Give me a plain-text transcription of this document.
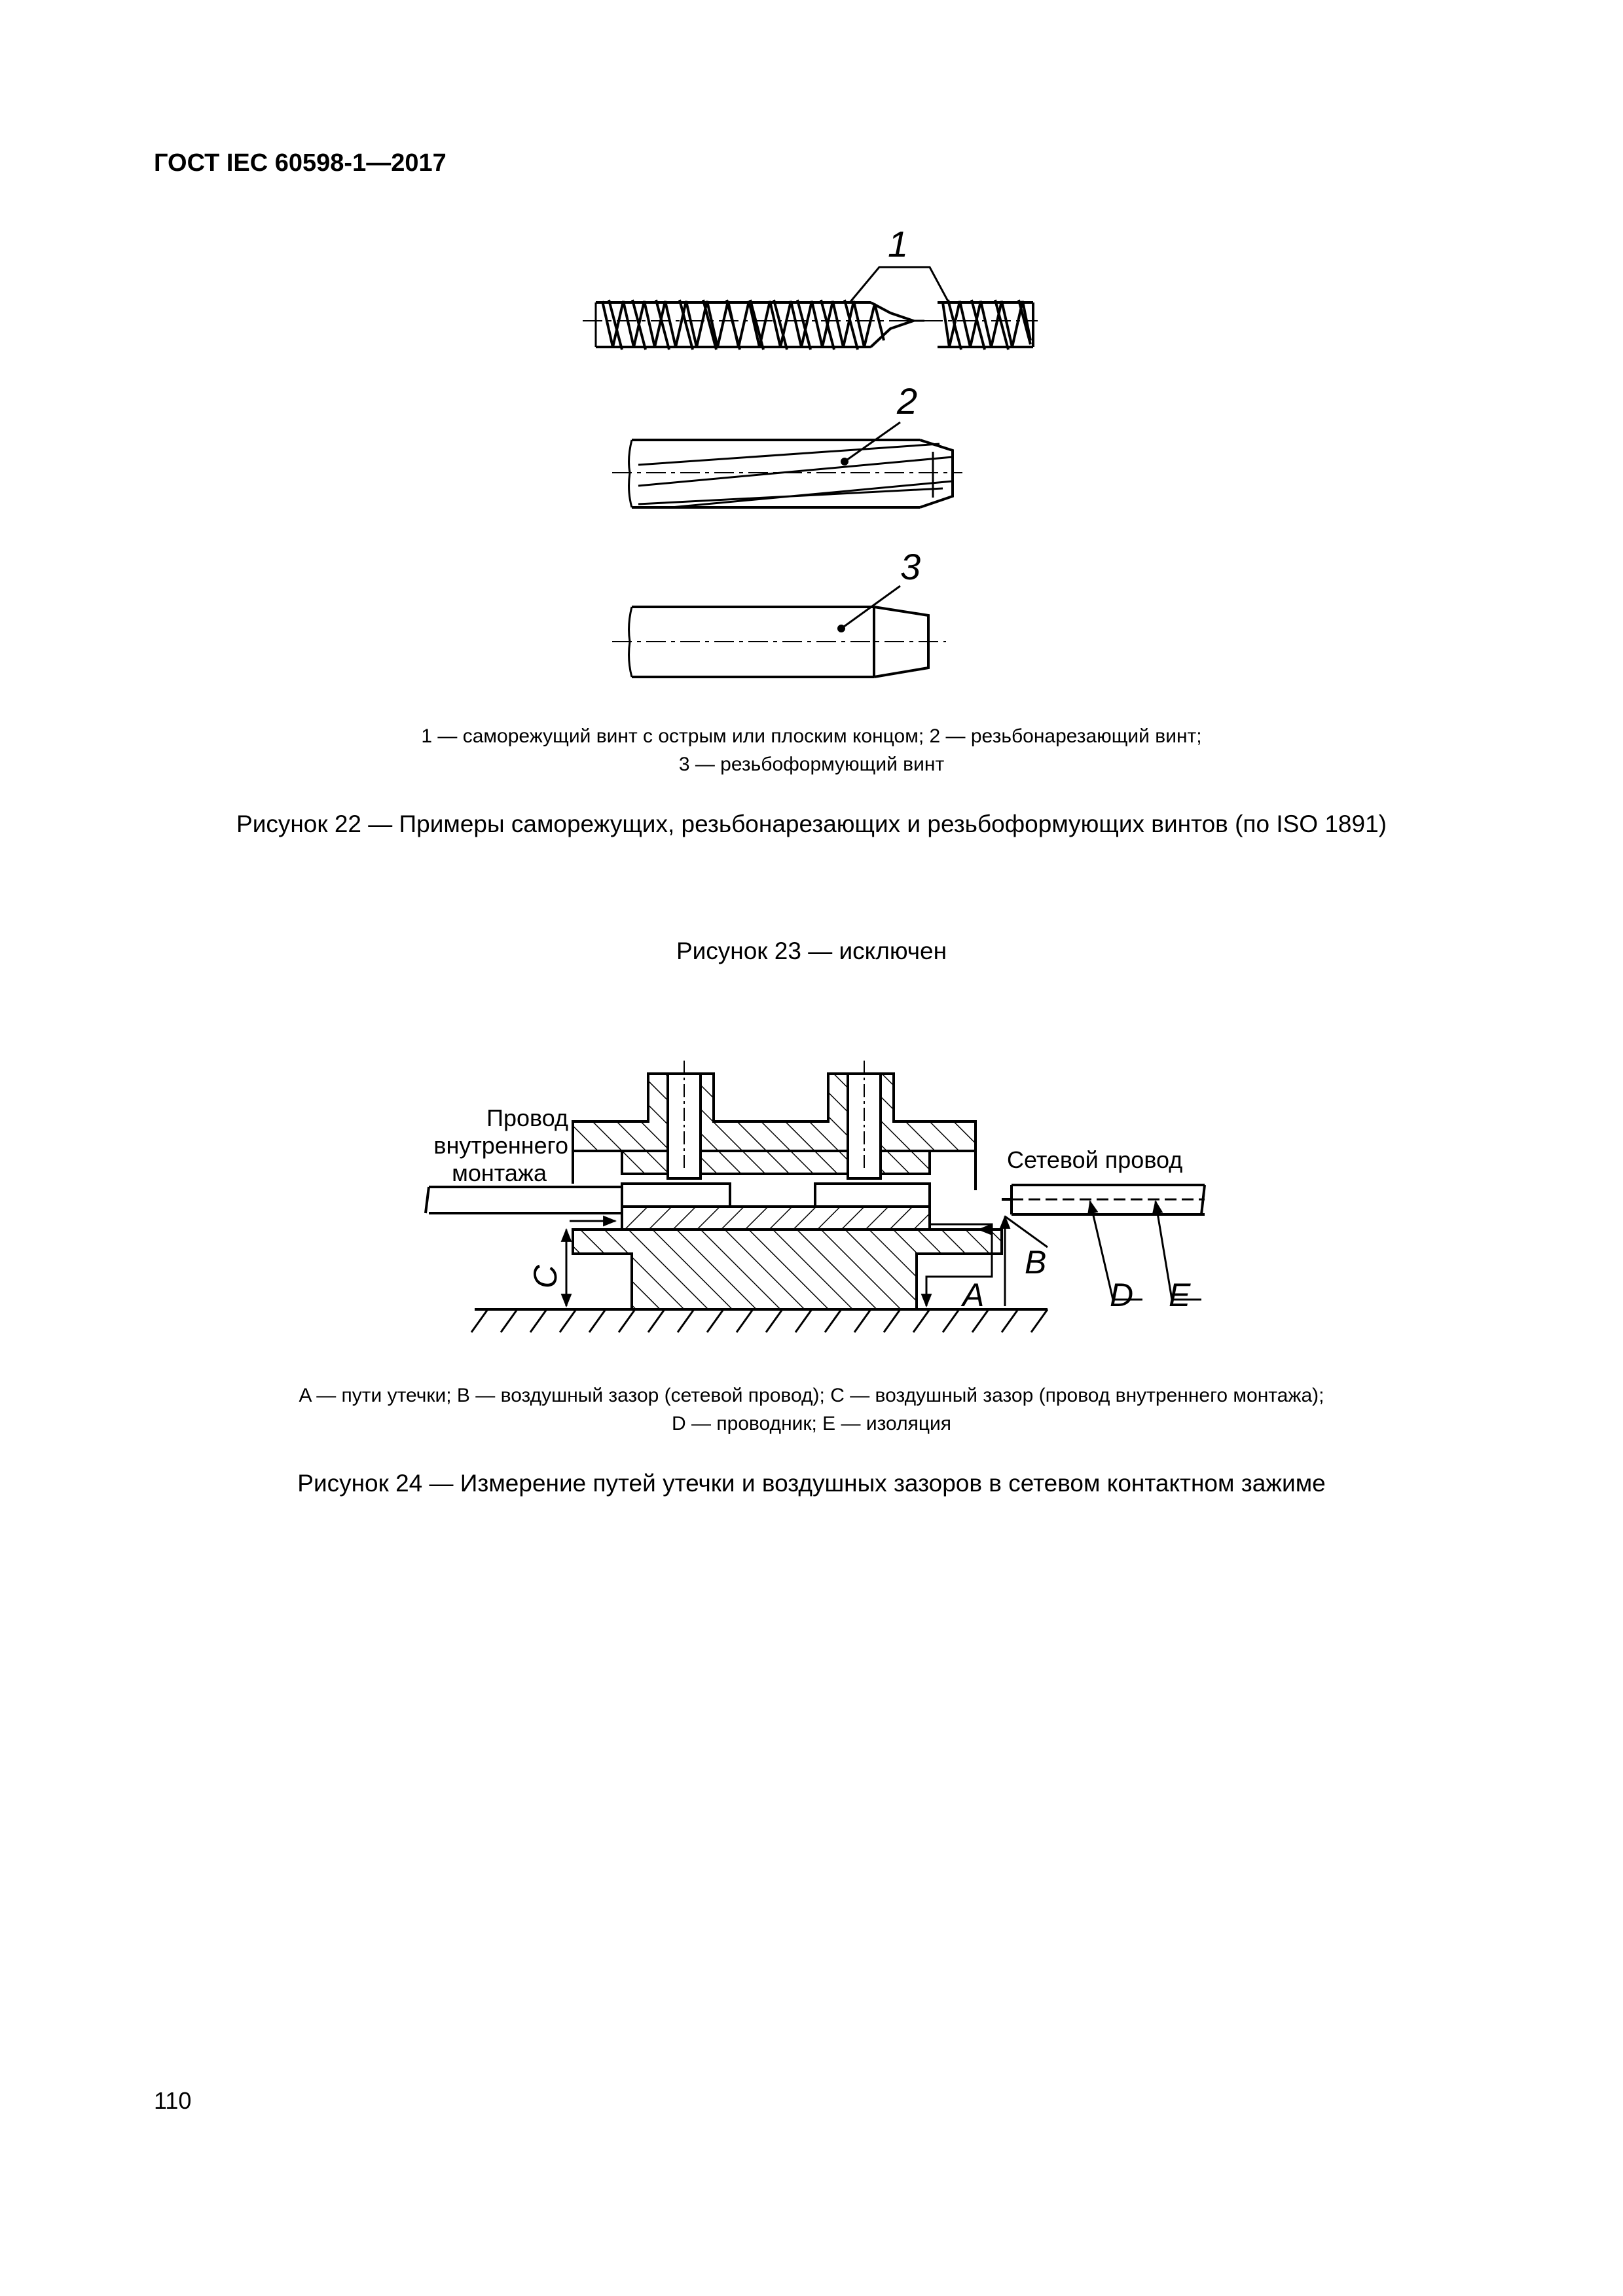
ГОСТ IEC 60598-1—2017
1
2
3
Провод
внутреннего
монтажа	Сетевой провод
C	B
A	D E
1 — саморежущий винт с острым или плоским концом; 2 — резьбонарезающий винт;
3 — резьбоформующий винт
Рисунок 22 — Примеры саморежущих, резьбонарезающих и резьбоформующих винтов (по ISO 1891)
Рисунок 23 — исключен
A — пути утечки; B — воздушный зазор (сетевой провод); C — воздушный зазор (провод внутреннего монтажа);
D — проводник; E — изоляция
Рисунок 24 — Измерение путей утечки и воздушных зазоров в сетевом контактном зажиме
110
